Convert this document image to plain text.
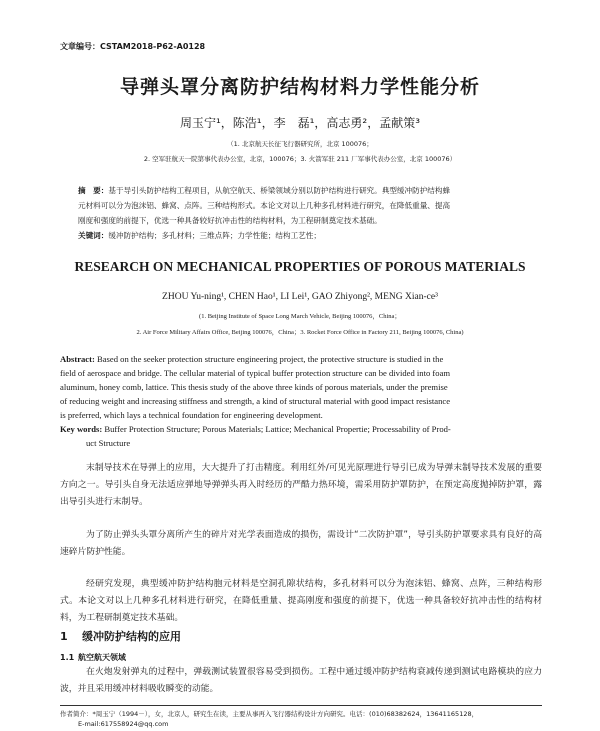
文章编号：CSTAM2018-P62-A0128
导弹头罩分离防护结构材料力学性能分析
周玉宁¹，陈浩¹，李　磊¹，高志勇²，孟献策³
（1. 北京航天长征飞行器研究所，北京 100076；
2. 空军驻航天一院第事代表办公室，北京，100076；3. 火箭军驻 211 厂军事代表办公室，北京 100076）
摘　要：基于导引头防护结构工程项目，从航空航天、桥梁领域分别以防护结构进行研究。典型缓冲防护结构蜂
元材料可以分为泡沫铝、蜂窝、点阵。三种结构形式。本论文对以上几种多孔材料进行研究，在降低重量、提高
刚度和强度的前提下，优选一种具备较好抗冲击性的结构材料，为工程研制奠定技术基础。
关键词：缓冲防护结构；多孔材料；三维点阵；力学性能；结构工艺性；
RESEARCH ON MECHANICAL PROPERTIES OF POROUS MATERIALS
ZHOU Yu-ning¹, CHEN Hao¹, LI Lei¹, GAO Zhiyong², MENG Xian-ce³
(1. Beijing Institute of Space Long March Vehicle, Beijing 100076，China；
2. Air Force Military Affairs Office, Beijing 100076，China；3. Rocket Force Office in Factory 211, Beijing 100076, China)
Abstract: Based on the seeker protection structure engineering project, the protective structure is studied in the
field of aerospace and bridge. The cellular material of typical buffer protection structure can be divided into foam
aluminum, honey comb, lattice. This thesis study of the above three kinds of porous materials, under the premise
of reducing weight and increasing stiffness and strength, a kind of structural material with good impact resistance
is preferred, which lays a technical foundation for engineering development.
Key words: Buffer Protection Structure; Porous Materials; Lattice; Mechanical Propertie; Processability of Prod-
uct Structure
末制导技术在导弹上的应用，大大提升了打击精度。利用红外/可见光原理进行导引已成为导弹末制导技术发展的重要方向之一。导引头自身无法适应弹地导弹弹头再入时经历的严酷力热环境，需采用防护罩防护，在预定高度抛掉防护罩，露出导引头进行末制导。
为了防止弹头头罩分离所产生的碎片对光学表面造成的损伤，需设计“二次防护罩”，导引头防护罩要求具有良好的高速碎片防护性能。
经研究发现，典型缓冲防护结构胞元材料是空洞孔隙状结构，多孔材料可以分为泡沫铝、蜂窝、点阵，三种结构形式。本论文对以上几种多孔材料进行研究，在降低重量、提高刚度和强度的前提下，优选一种具备较好抗冲击性的结构材料，为工程研制奠定技术基础。
1 缓冲防护结构的应用
1.1 航空航天领域
在火炮发射弹丸的过程中，弹载测试装置很容易受到损伤。工程中通过缓冲防护结构衰减传递到测试电路模块的应力波，并且采用缓冲材料吸收瞬变的动能。
作者简介：*周玉宁（1994－），女，北京人，研究生在读，主要从事再入飞行器结构设计方向研究。电话：(010)68382624，13641165128，
E-mail:617558924@qq.com
